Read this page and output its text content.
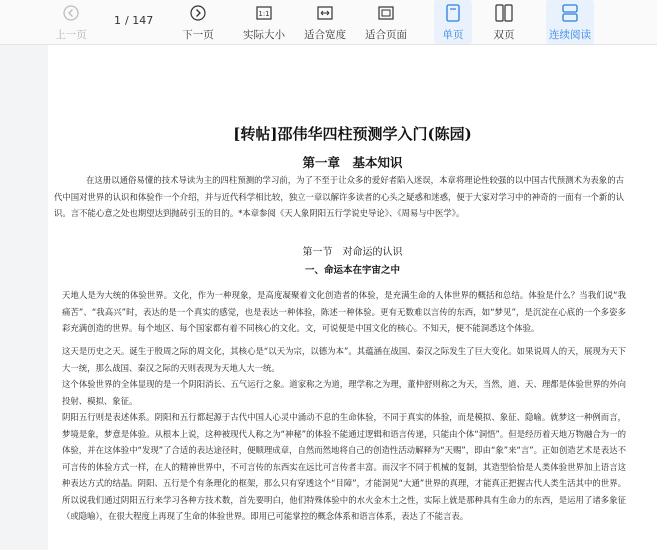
上一页
1
/ 147
下一页
1:1
实际大小 适合宽度 适合页面	单页	双页	连续阅读
[转帖]邵伟华四柱预测学入门(陈园)
第一章　基本知识

在这册以通俗易懂的技术导读为主的四柱预测的学习前，为了不至于让众多的爱好者陷入迷误，本章将理论性较强的以中国古代预测术为表象的古代中国对世界的认识和体验作一个介绍，并与近代科学相比较，独立一章以解许多读者的心头之疑惑和迷惑，便于大家对学习中的神奇的一面有一个新的认识。言不能心意之处也期望达到抛砖引玉的目的。*本章参阅《天人象阴阳五行学说史导论》、《周易与中医学》。

第一节　对命运的认识
一、命运本在宇宙之中

天地人是为大统的体验世界。文化，作为一种现象，是高度凝聚着文化创造者的体验，是充满生命的人体世界的概括和总结。体验是什么？当我们说“我痛苦”、“我高兴”时，表达的是一个真实的感觉，也是表达一种体验，陈述一种体验。更有无数难以言传的东西，如“梦见”，是沉淀在心底的一个多姿多彩充满创造的世界。每个地区、每个国家都有着不同核心的文化。文，可说便是中国文化的核心。不知天，便不能洞悉这个体验。

这天是历史之天。诞生于殷周之际的周文化，其核心是“以天为宗，以德为本”。其蕴涵在战国、秦汉之际发生了巨大变化。如果说周人的天，展现为天下大一统，那么战国、秦汉之际的天则表现为天地人大一统。

这个体验世界的全体显现的是一个阴阳消长、五气运行之象。道家称之为道，理学称之为理，董仲舒则称之为天，当然，道、天、理都是体验世界的外向投射、模拟、象征。

阴阳五行则是表述体系。阴阳和五行都起源于古代中国人心灵中涌动不息的生命体验，不同于真实的体验，而是模拟、象征、隐喻。就梦这一种例而言，梦境是象，梦意是体验。从根本上说，这种被现代人称之为“神秘”的体验不能通过逻辑和语言传递，只能由个体“洞悟”。但是经历着天地万物融合为一的体验，并在这体验中“发现”了合适的表达途径时，便顺理成章，自然而然地将自己的创造性活动解释为“天赐”，即由“象”来“言”。正如创造艺术是表达不可言传的体验方式一样，在人的精神世界中，不可言传的东西实在远比可言传者丰富。而汉字不同于机械的复制，其造型恰恰是人类体验世界加上语言这种表达方式的结晶。阴阳、五行是个有条理化的框架，那么只有穿透这个“目障”，才能洞见“大通”世界的真理，才能真正把握古代人类生活其中的世界。所以说我们通过阴阳五行来学习各种方技术数，首先要明白，他们特殊体验中的水火金木土之性，实际上就是那种具有生命力的东西，是运用了诸多象征（或隐喻），在很大程度上再现了生命的体验世界。即用已可能掌控的概念体系和语言体系，表达了不能言表。
